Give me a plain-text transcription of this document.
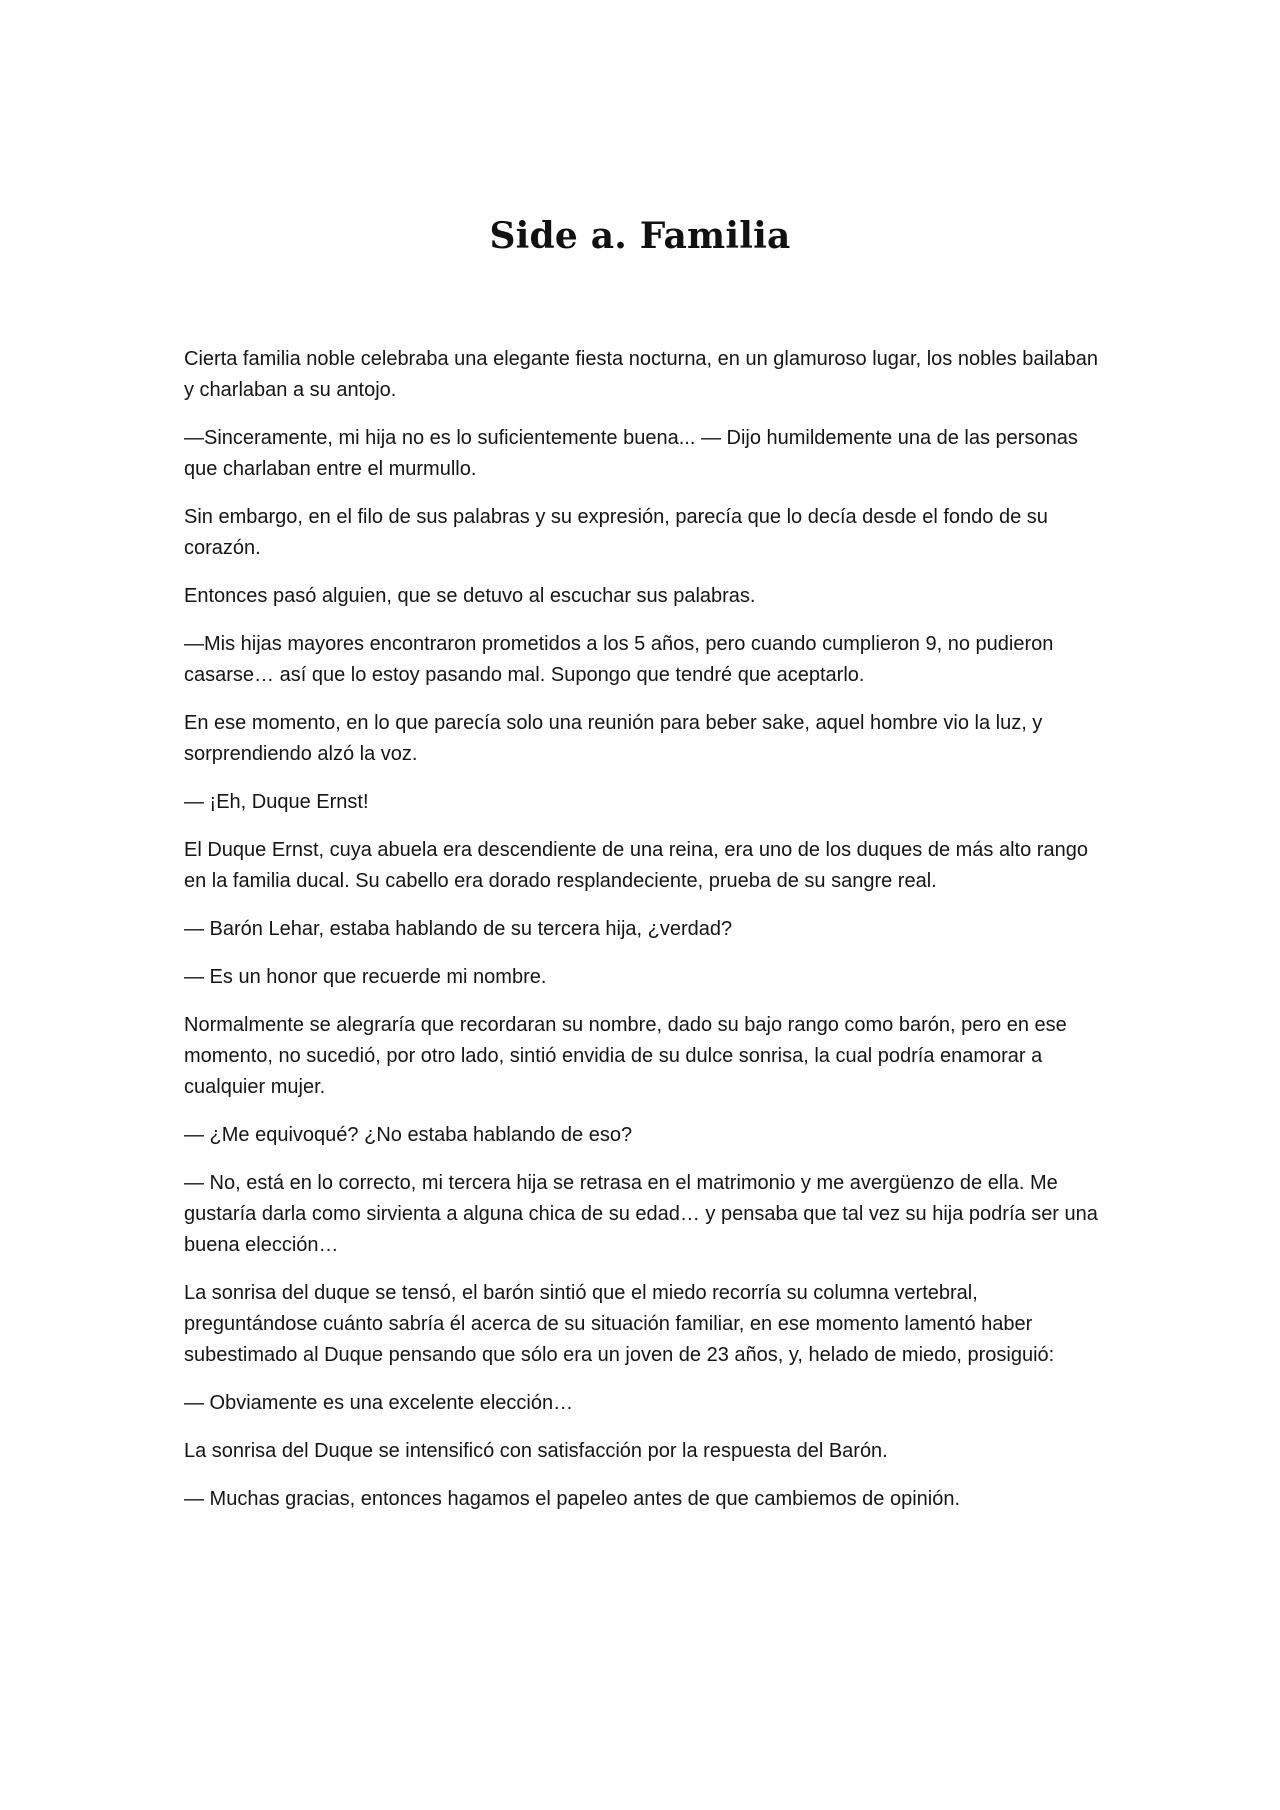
Side a. Familia

Cierta familia noble celebraba una elegante fiesta nocturna, en un glamuroso lugar, los nobles bailaban y charlaban a su antojo.

—Sinceramente, mi hija no es lo suficientemente buena... — Dijo humildemente una de las personas que charlaban entre el murmullo.

Sin embargo, en el filo de sus palabras y su expresión, parecía que lo decía desde el fondo de su corazón.

Entonces pasó alguien, que se detuvo al escuchar sus palabras.

—Mis hijas mayores encontraron prometidos a los 5 años, pero cuando cumplieron 9, no pudieron casarse… así que lo estoy pasando mal. Supongo que tendré que aceptarlo.

En ese momento, en lo que parecía solo una reunión para beber sake, aquel hombre vio la luz, y sorprendiendo alzó la voz.

— ¡Eh, Duque Ernst!

El Duque Ernst, cuya abuela era descendiente de una reina, era uno de los duques de más alto rango en la familia ducal. Su cabello era dorado resplandeciente, prueba de su sangre real.

— Barón Lehar, estaba hablando de su tercera hija, ¿verdad?

— Es un honor que recuerde mi nombre.

Normalmente se alegraría que recordaran su nombre, dado su bajo rango como barón, pero en ese momento, no sucedió, por otro lado, sintió envidia de su dulce sonrisa, la cual podría enamorar a cualquier mujer.

— ¿Me equivoqué? ¿No estaba hablando de eso?

— No, está en lo correcto, mi tercera hija se retrasa en el matrimonio y me avergüenzo de ella. Me gustaría darla como sirvienta a alguna chica de su edad… y pensaba que tal vez su hija podría ser una buena elección…

La sonrisa del duque se tensó, el barón sintió que el miedo recorría su columna vertebral, preguntándose cuánto sabría él acerca de su situación familiar, en ese momento lamentó haber subestimado al Duque pensando que sólo era un joven de 23 años, y, helado de miedo, prosiguió:

— Obviamente es una excelente elección…

La sonrisa del Duque se intensificó con satisfacción por la respuesta del Barón.

— Muchas gracias, entonces hagamos el papeleo antes de que cambiemos de opinión.
